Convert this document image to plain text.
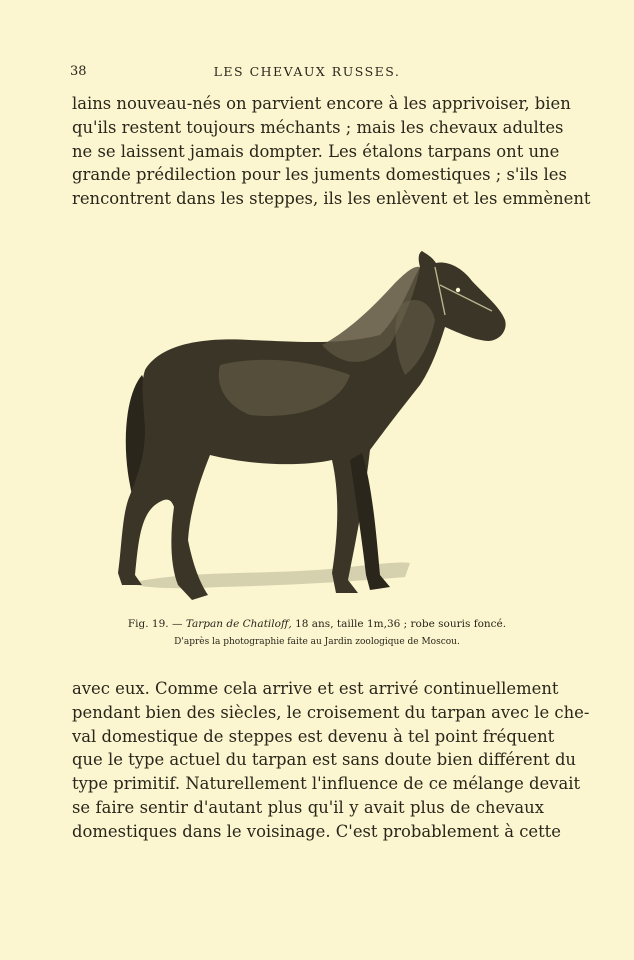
38	LES CHEVAUX RUSSES.

lains nouveau-nés on parvient encore à les apprivoiser, bien
qu'ils restent toujours méchants ; mais les chevaux adultes
ne se laissent jamais dompter. Les étalons tarpans ont une
grande prédilection pour les juments domestiques ; s'ils les
rencontrent dans les steppes, ils les enlèvent et les emmènent

Fig. 19. — Tarpan de Chatiloff, 18 ans, taille 1m,36 ; robe souris foncé.
D'après la photographie faite au Jardin zoologique de Moscou.

avec eux. Comme cela arrive et est arrivé continuellement
pendant bien des siècles, le croisement du tarpan avec le che-
val domestique de steppes est devenu à tel point fréquent
que le type actuel du tarpan est sans doute bien différent du
type primitif. Naturellement l'influence de ce mélange devait
se faire sentir d'autant plus qu'il y avait plus de chevaux
domestiques dans le voisinage. C'est probablement à cette
